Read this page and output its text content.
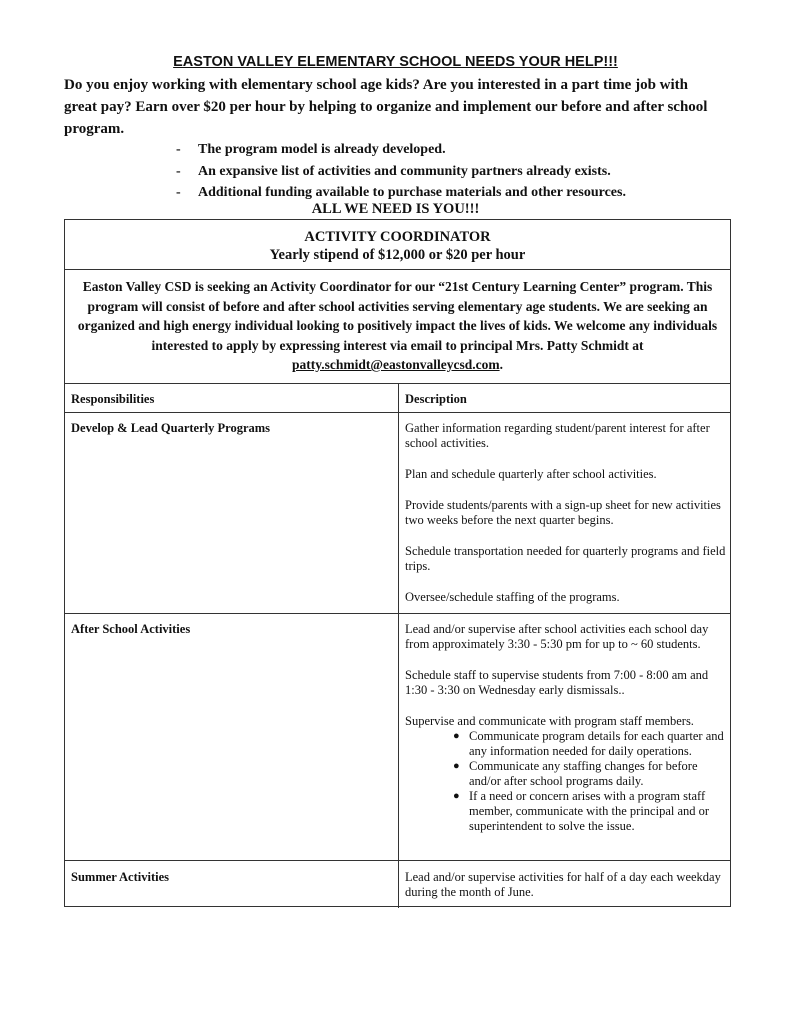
EASTON VALLEY ELEMENTARY SCHOOL NEEDS YOUR HELP!!!
Do you enjoy working with elementary school age kids? Are you interested in a part time job with great pay? Earn over $20 per hour by helping to organize and implement our before and after school program.
- The program model is already developed.
- An expansive list of activities and community partners already exists.
- Additional funding available to purchase materials and other resources.
ALL WE NEED IS YOU!!!
ACTIVITY COORDINATOR
Yearly stipend of $12,000 or $20 per hour
Easton Valley CSD is seeking an Activity Coordinator for our “21st Century Learning Center” program. This program will consist of before and after school activities serving elementary age students. We are seeking an organized and high energy individual looking to positively impact the lives of kids. We welcome any individuals interested to apply by expressing interest via email to principal Mrs. Patty Schmidt at patty.schmidt@eastonvalleycsd.com.
Responsibilities	Description
Develop & Lead Quarterly Programs	Gather information regarding student/parent interest for after school activities.

Plan and schedule quarterly after school activities.

Provide students/parents with a sign-up sheet for new activities two weeks before the next quarter begins.

Schedule transportation needed for quarterly programs and field trips.

Oversee/schedule staffing of the programs.

After School Activities	Lead and/or supervise after school activities each school day from approximately 3:30 - 5:30 pm for up to ~ 60 students.

Schedule staff to supervise students from 7:00 - 8:00 am and 1:30 - 3:30 on Wednesday early dismissals..

Supervise and communicate with program staff members.

● Communicate program details for each quarter and any information needed for daily operations.
● Communicate any staffing changes for before and/or after school programs daily.
● If a need or concern arises with a program staff member, communicate with the principal and or superintendent to solve the issue.
Summer Activities	Lead and/or supervise activities for half of a day each weekday during the month of June.
